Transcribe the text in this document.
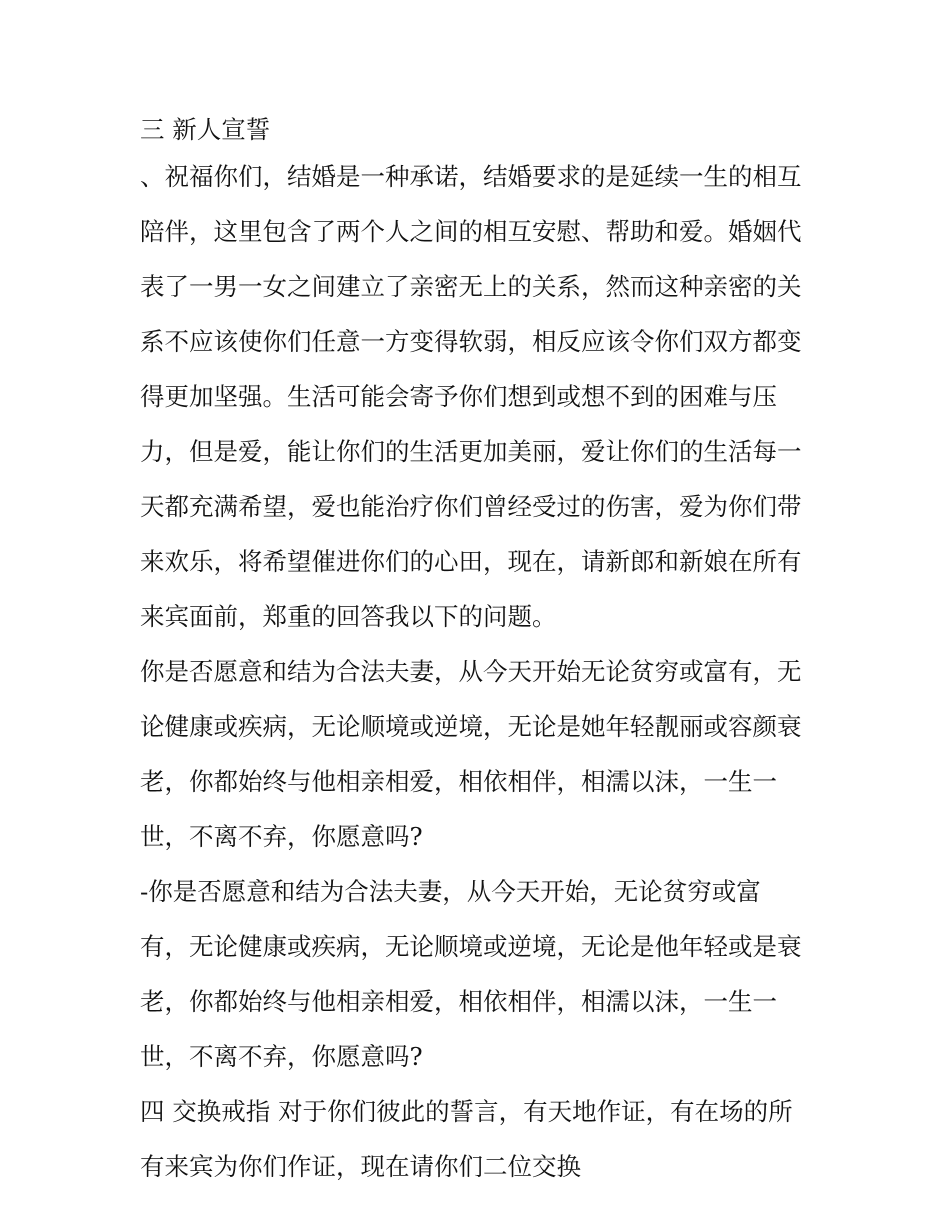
三 新人宣誓
、祝福你们，结婚是一种承诺，结婚要求的是延续一生的相互
陪伴，这里包含了两个人之间的相互安慰、帮助和爱。婚姻代
表了一男一女之间建立了亲密无上的关系，然而这种亲密的关
系不应该使你们任意一方变得软弱，相反应该令你们双方都变
得更加坚强。生活可能会寄予你们想到或想不到的困难与压
力，但是爱，能让你们的生活更加美丽，爱让你们的生活每一
天都充满希望，爱也能治疗你们曾经受过的伤害，爱为你们带
来欢乐，将希望催进你们的心田，现在，请新郎和新娘在所有
来宾面前，郑重的回答我以下的问题。
你是否愿意和结为合法夫妻，从今天开始无论贫穷或富有，无
论健康或疾病，无论顺境或逆境，无论是她年轻靓丽或容颜衰
老，你都始终与他相亲相爱，相依相伴，相濡以沫，一生一
世，不离不弃，你愿意吗?
-你是否愿意和结为合法夫妻，从今天开始，无论贫穷或富
有，无论健康或疾病，无论顺境或逆境，无论是他年轻或是衰
老，你都始终与他相亲相爱，相依相伴，相濡以沫，一生一
世，不离不弃，你愿意吗?
四 交换戒指 对于你们彼此的誓言，有天地作证，有在场的所
有来宾为你们作证，现在请你们二位交换
